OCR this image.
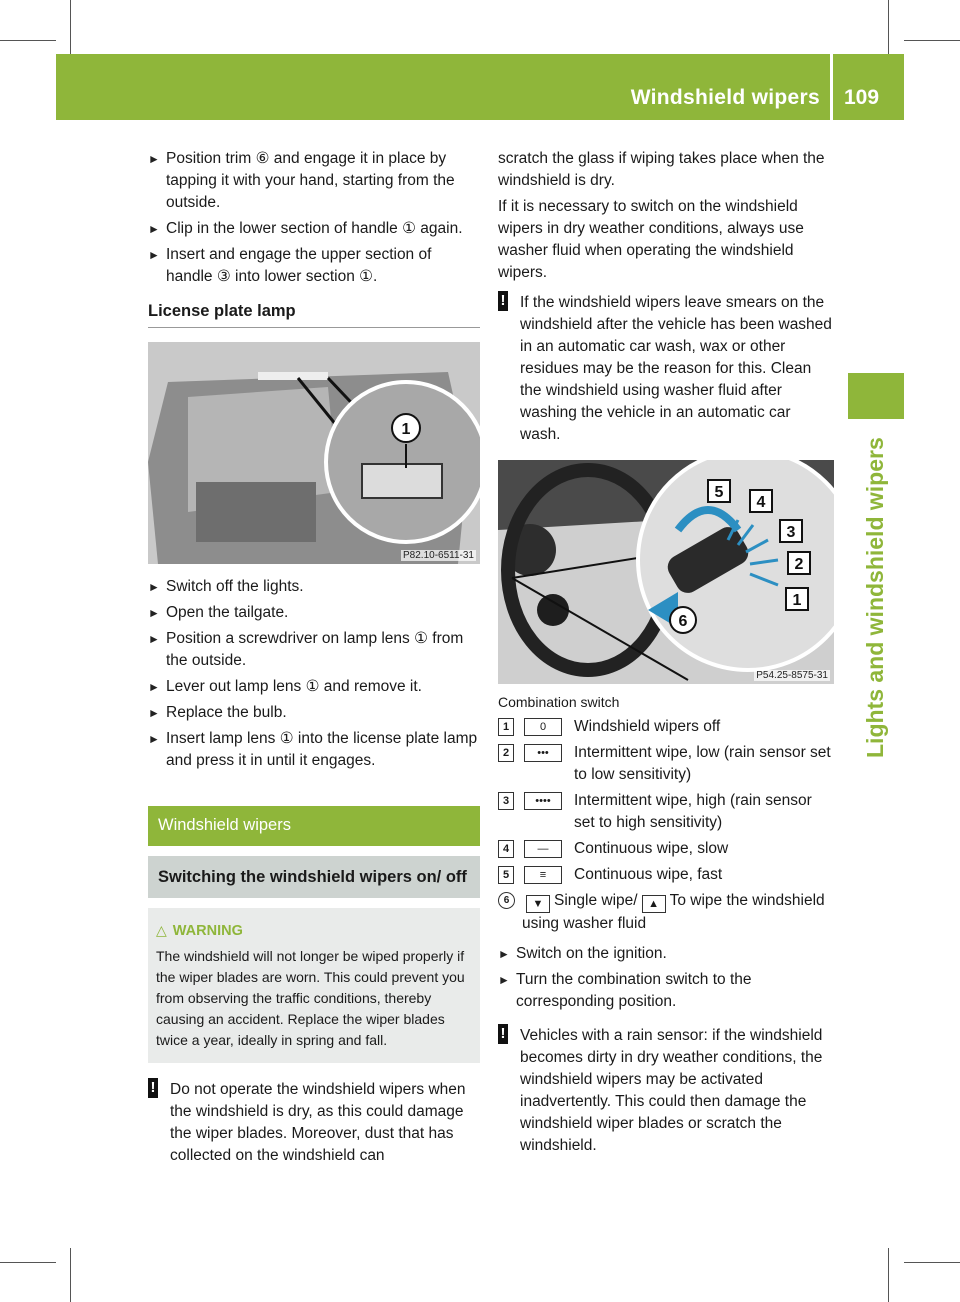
Windshield wipers 109
Lights and windshield wipers
► Position trim ⑥ and engage it in place by tapping it with your hand, starting from the outside.
► Clip in the lower section of handle ① again.
► Insert and engage the upper section of handle ③ into lower section ①.
License plate lamp
1
P82.10-6511-31
► Switch off the lights.
► Open the tailgate.
► Position a screwdriver on lamp lens ① from the outside.
► Lever out lamp lens ① and remove it.
► Replace the bulb.
► Insert lamp lens ① into the license plate lamp and press it in until it engages.
Windshield wipers
Switching the windshield wipers on/ off
△ WARNING
The windshield will not longer be wiped properly if the wiper blades are worn. This could prevent you from observing the traffic conditions, thereby causing an accident. Replace the wiper blades twice a year, ideally in spring and fall.
! Do not operate the windshield wipers when the windshield is dry, as this could damage the wiper blades. Moreover, dust that has collected on the windshield can
scratch the glass if wiping takes place when the windshield is dry.
If it is necessary to switch on the windshield wipers in dry weather conditions, always use washer fluid when operating the windshield wipers.
! If the windshield wipers leave smears on the windshield after the vehicle has been washed in an automatic car wash, wax or other residues may be the reason for this. Clean the windshield using washer fluid after washing the vehicle in an automatic car wash.
5
4
3
2
1
6
P54.25-8575-31
Combination switch
1	0	Windshield wipers off
2	•••	Intermittent wipe, low (rain sensor set to low sensitivity)
3	••••	Intermittent wipe, high (rain sensor set to high sensitivity)
4	—	Continuous wipe, slow
5	≡	Continuous wipe, fast
6	▼ Single wipe/ ▲ To wipe the windshield using washer fluid
► Switch on the ignition.
► Turn the combination switch to the corresponding position.
! Vehicles with a rain sensor: if the windshield becomes dirty in dry weather conditions, the windshield wipers may be activated inadvertently. This could then damage the windshield wiper blades or scratch the windshield.
